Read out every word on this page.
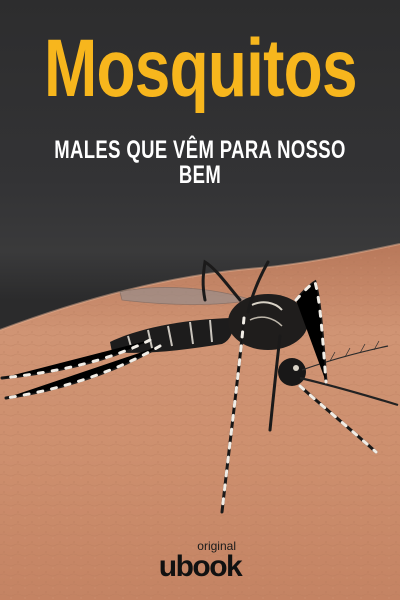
Mosquitos
MALES QUE VÊM PARA NOSSO BEM
original
ubook
